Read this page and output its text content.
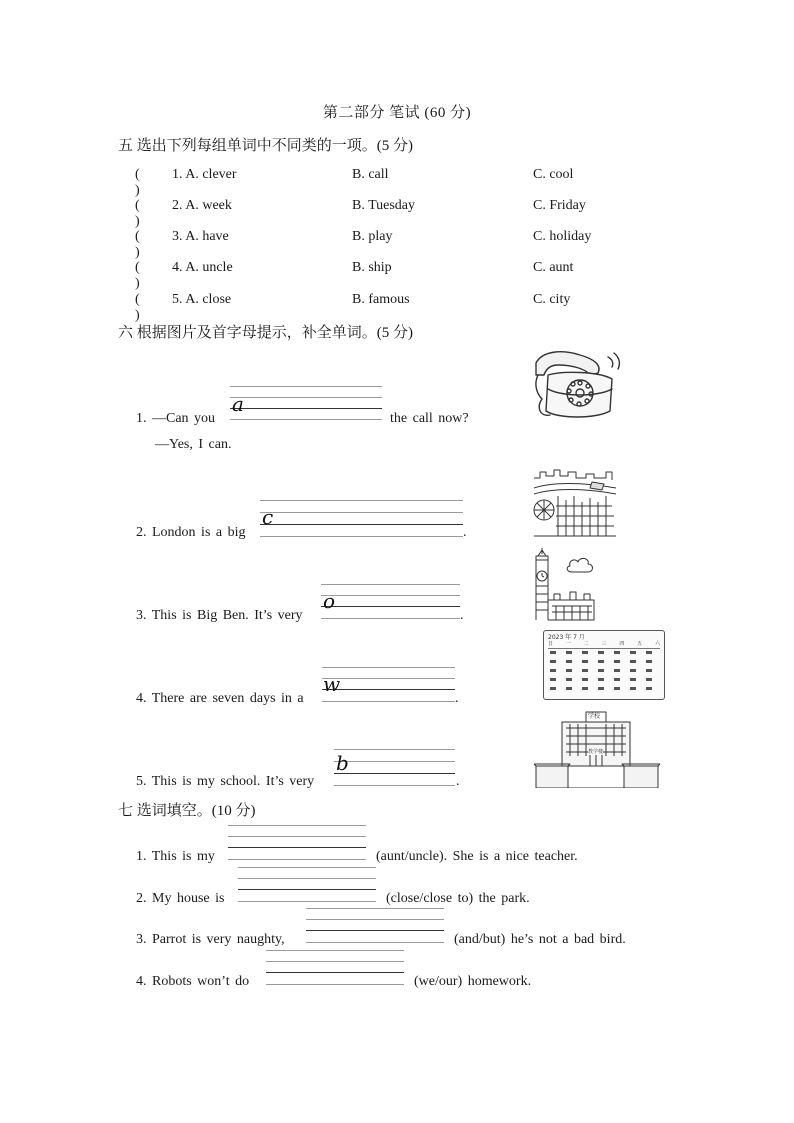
第二部分 笔试 (60 分)
五 选出下列每组单词中不同类的一项。(5 分)
( )
1. A. clever	B. call	C. cool
( )
2. A. week	B. Tuesday	C. Friday
( )
3. A. have	B. play	C. holiday
( )
4. A. uncle	B. ship	C. aunt
( )
5. A. close	B. famous	C. city
六 根据图片及首字母提示，补全单词。(5 分)
1. —Can you
a
the call now?
—Yes, I can.
2. London is a big
c
.
3. This is Big Ben. It’s very
o
.
4. There are seven days in a
w
.
5. This is my school. It’s very
b
.
2023 年 7 月
日	一	二	三	四	五	六
学校
教学楼
七 选词填空。(10 分)
1. This is my	(aunt/uncle). She is a nice teacher.
2. My house is	(close/close to) the park.
3. Parrot is very naughty,	(and/but) he’s not a bad bird.
4. Robots won’t do	(we/our) homework.
